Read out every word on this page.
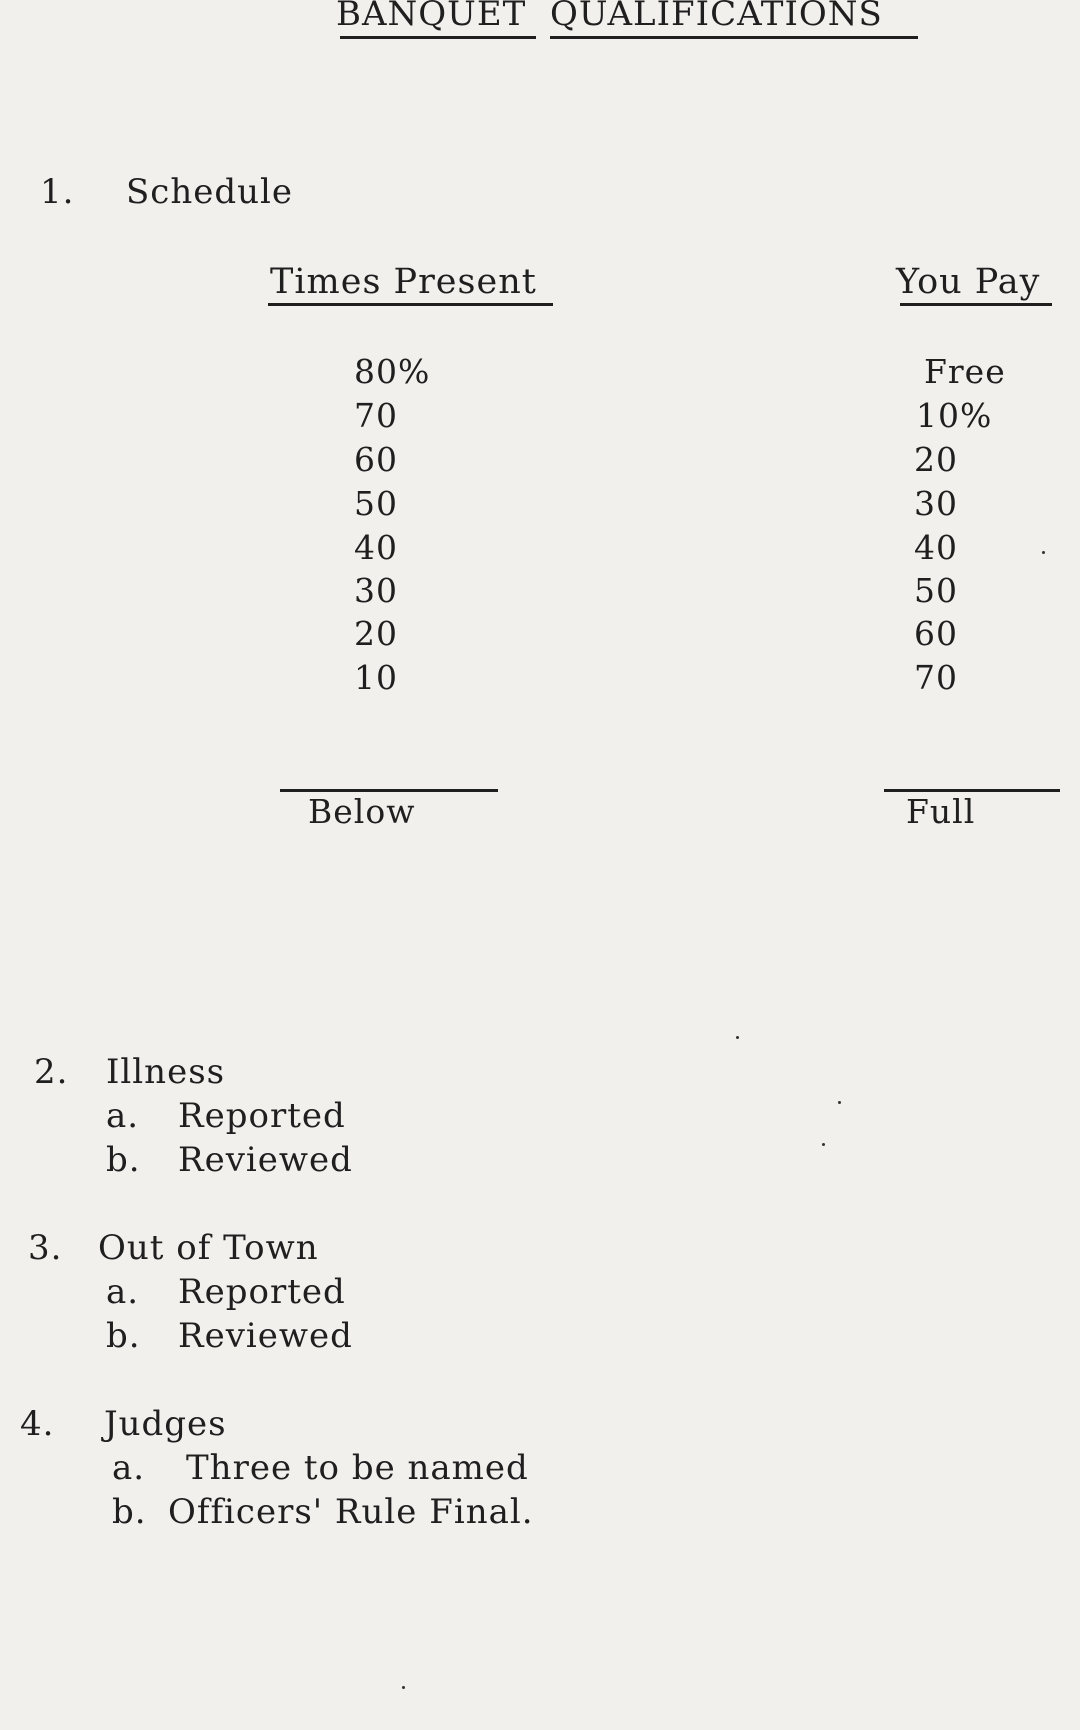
BANQUET QUALIFICATIONS
1. Schedule
Times Present	You Pay
80%	Free
70	10%
60	20
50	30
40	40
30	50
20	60
10	70
Below	Full
2. Illness
a. Reported
b. Reviewed
3. Out of Town
a. Reported
b. Reviewed
4. Judges
a. Three to be named
b. Officers' Rule Final.
